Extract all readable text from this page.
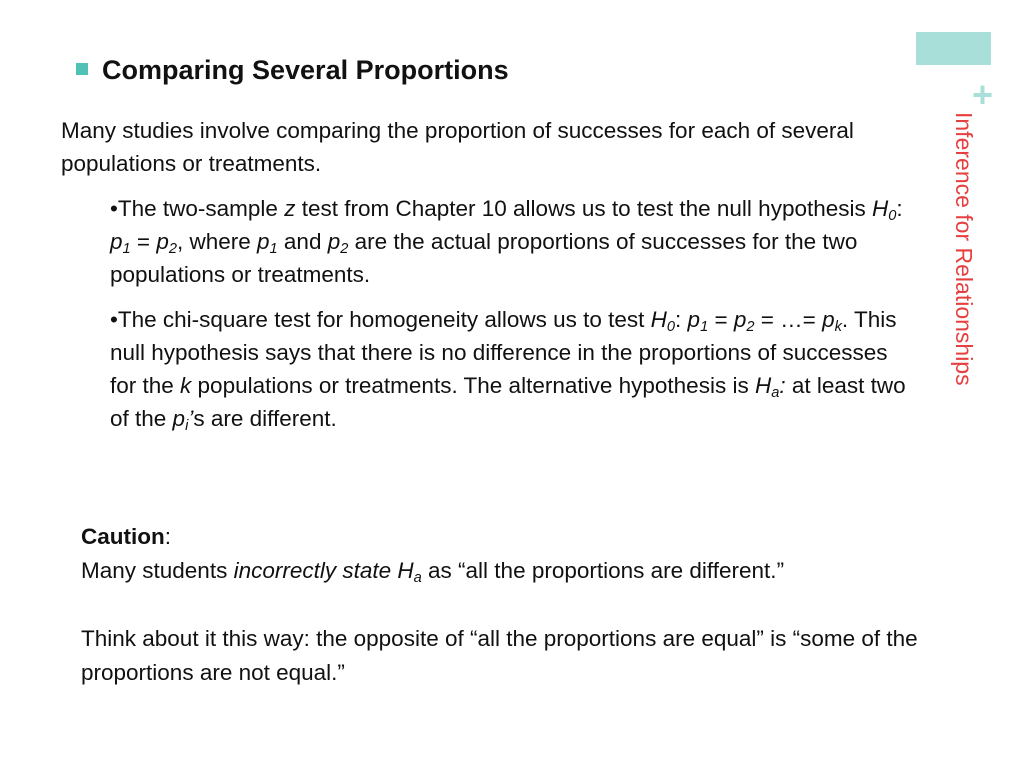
+
Inference for Relationships
Comparing Several Proportions
Many studies involve comparing the proportion of successes for each of several populations or treatments.
•The two-sample z test from Chapter 10 allows us to test the null hypothesis $H_0$: $p_1 = p_2$, where $p_1$ and $p_2$ are the actual proportions of successes for the two populations or treatments.
•The chi-square test for homogeneity allows us to test $H_0$: $p_1 = p_2$ = …= $p_k$. This null hypothesis says that there is no difference in the proportions of successes for the k populations or treatments. The alternative hypothesis is $H_a$: at least two of the $p_i’s$ are different.
Caution:
Many students incorrectly state $H_a$ as “all the proportions are different.”
Think about it this way: the opposite of “all the proportions are equal” is “some of the proportions are not equal.”
